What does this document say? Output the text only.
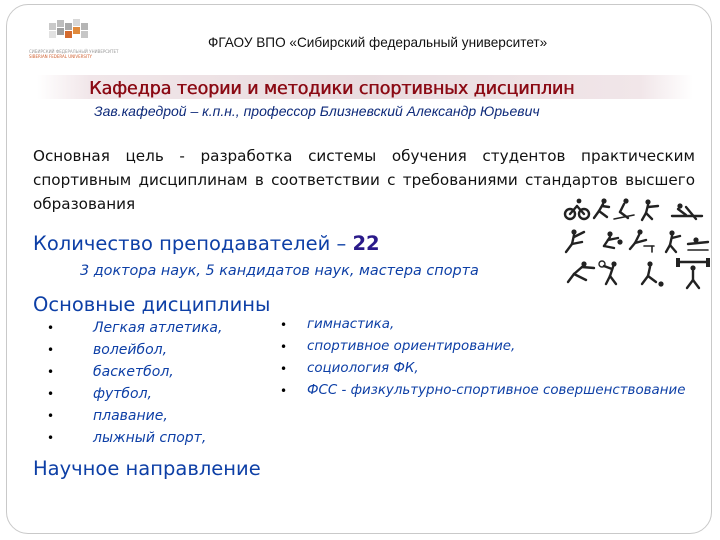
СИБИРСКИЙ ФЕДЕРАЛЬНЫЙ УНИВЕРСИТЕТ
SIBERIAN FEDERAL UNIVERSITY
ФГАОУ ВПО «Сибирский федеральный университет»
Кафедра теории и методики спортивных дисциплин
Зав.кафедрой – к.п.н., профессор Близневский Александр Юрьевич
Основная цель - разработка системы обучения студентов практическим спортивным дисциплинам в соответствии с требованиями стандартов высшего образования
Количество преподавателей – 22
3 доктора наук, 5 кандидатов наук, мастера спорта
Основные дисциплины
•	Легкая атлетика,
•	волейбол,
•	баскетбол,
•	футбол,
•	плавание,
•	лыжный спорт,
• гимнастика,
• спортивное ориентирование,
• социология ФК,
• ФСС - физкультурно-спортивное совершенствование
Научное направление
